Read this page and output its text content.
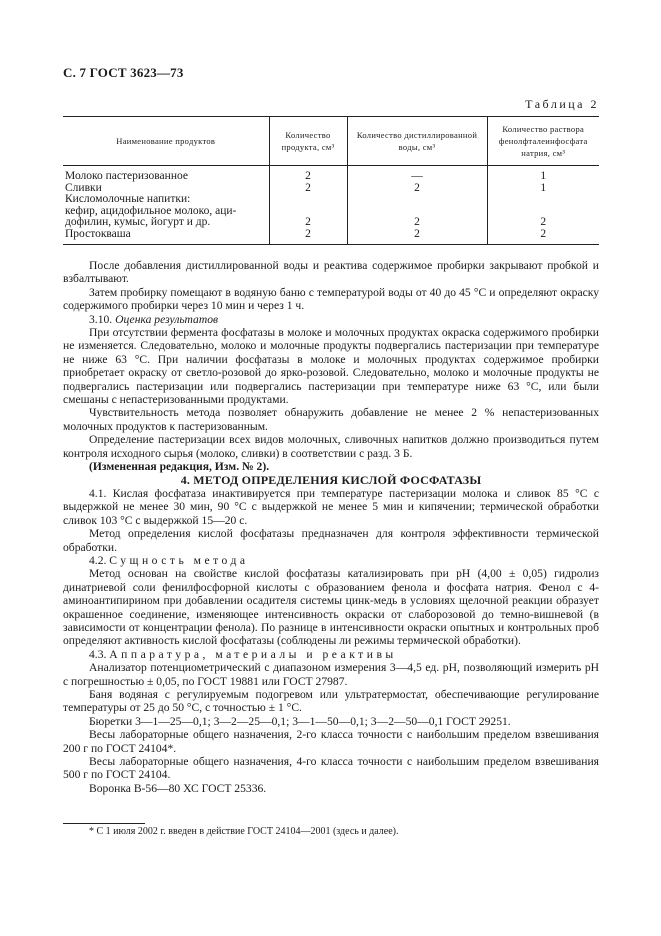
С. 7 ГОСТ 3623—73
Таблица 2
Наименование продуктов	Количество продукта, см³	Количество дистиллированной воды, см³	Количество раствора фенолфталеинфосфата натрия, см³
Молоко пастеризованное	2	—	1
Сливки	2	2	1
Кисломолочные напитки:			
кефир, ацидофильное молоко, аци-			
дофилин, кумыс, йогурт и др.	2	2	2
Простокваша	2	2	2

После добавления дистиллированной воды и реактива содержимое пробирки закрывают пробкой и взбалтывают.

Затем пробирку помещают в водяную баню с температурой воды от 40 до 45 °С и определяют окраску содержимого пробирки через 10 мин и через 1 ч.

3.10. Оценка результатов

При отсутствии фермента фосфатазы в молоке и молочных продуктах окраска содержимого пробирки не изменяется. Следовательно, молоко и молочные продукты подвергались пастеризации при температуре не ниже 63 °С. При наличии фосфатазы в молоке и молочных продуктах содержимое пробирки приобретает окраску от светло-розовой до ярко-розовой. Следовательно, молоко и молочные продукты не подвергались пастеризации или подвергались пастеризации при температуре ниже 63 °С, или были смешаны с непастеризованными продуктами.

Чувствительность метода позволяет обнаружить добавление не менее 2 % непастеризованных молочных продуктов к пастеризованным.

Определение пастеризации всех видов молочных, сливочных напитков должно производиться путем контроля исходного сырья (молоко, сливки) в соответствии с разд. 3 Б.

(Измененная редакция, Изм. № 2).

4. МЕТОД ОПРЕДЕЛЕНИЯ КИСЛОЙ ФОСФАТАЗЫ

4.1. Кислая фосфатаза инактивируется при температуре пастеризации молока и сливок 85 °С с выдержкой не менее 30 мин, 90 °С с выдержкой не менее 5 мин и кипячении; термической обработки сливок 103 °С с выдержкой 15—20 с.

Метод определения кислой фосфатазы предназначен для контроля эффективности термической обработки.

4.2. Сущность метода

Метод основан на свойстве кислой фосфатазы катализировать при рН (4,00 ± 0,05) гидролиз динатриевой соли фенилфосфорной кислоты с образованием фенола и фосфата натрия. Фенол с 4-аминоантипирином при добавлении осадителя системы цинк-медь в условиях щелочной реакции образует окрашенное соединение, изменяющее интенсивность окраски от слаборозовой до темно-вишневой (в зависимости от концентрации фенола). По разнице в интенсивности окраски опытных и контрольных проб определяют активность кислой фосфатазы (соблюдены ли режимы термической обработки).

4.3. Аппаратура, материалы и реактивы

Анализатор потенциометрический с диапазоном измерения 3—4,5 ед. рН, позволяющий измерить рН с погрешностью ± 0,05, по ГОСТ 19881 или ГОСТ 27987.

Баня водяная с регулируемым подогревом или ультратермостат, обеспечивающие регулирование температуры от 25 до 50 °С, с точностью ± 1 °С.

Бюретки 3—1—25—0,1; 3—2—25—0,1; 3—1—50—0,1; 3—2—50—0,1 ГОСТ 29251.

Весы лабораторные общего назначения, 2-го класса точности с наибольшим пределом взвешивания 200 г по ГОСТ 24104*.

Весы лабораторные общего назначения, 4-го класса точности с наибольшим пределом взвешивания 500 г по ГОСТ 24104.

Воронка В-56—80 ХС ГОСТ 25336.

* С 1 июля 2002 г. введен в действие ГОСТ 24104—2001 (здесь и далее).
